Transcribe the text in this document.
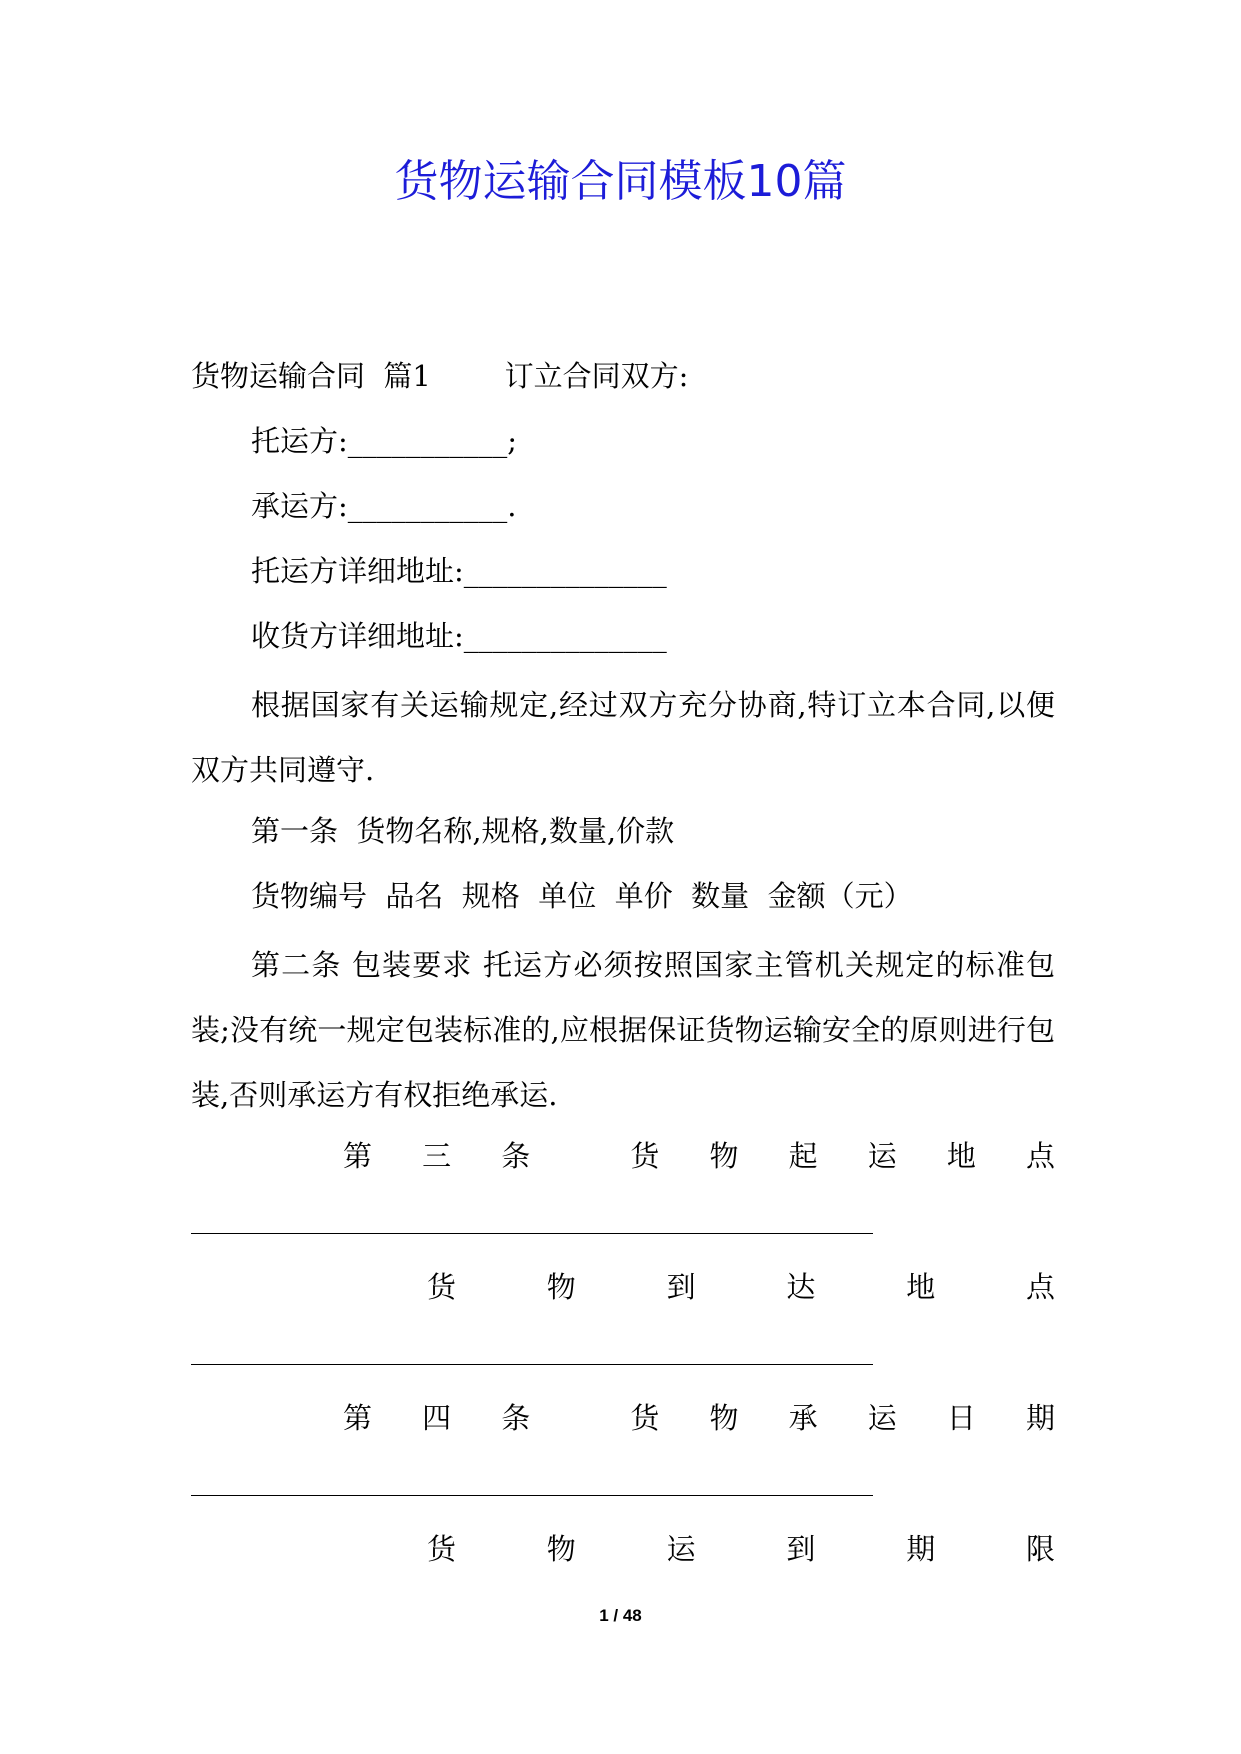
货物运输合同模板10篇
货物运输合同  篇1        订立合同双方:
托运方:___________;
承运方:___________.
托运方详细地址:______________
收货方详细地址:______________
根据国家有关运输规定,经过双方充分协商,特订立本合同,以便双方共同遵守.
第一条  货物名称,规格,数量,价款
货物编号  品名  规格  单位  单价  数量  金额（元）
第二条 包装要求 托运方必须按照国家主管机关规定的标准包装;没有统一规定包装标准的,应根据保证货物运输安全的原则进行包装,否则承运方有权拒绝承运.
第 三 条	货 物 起 运 地 点
货	物	到	达	地	点
第 四 条	货 物 承 运 日 期
货	物	运	到	期	限
1 / 48
